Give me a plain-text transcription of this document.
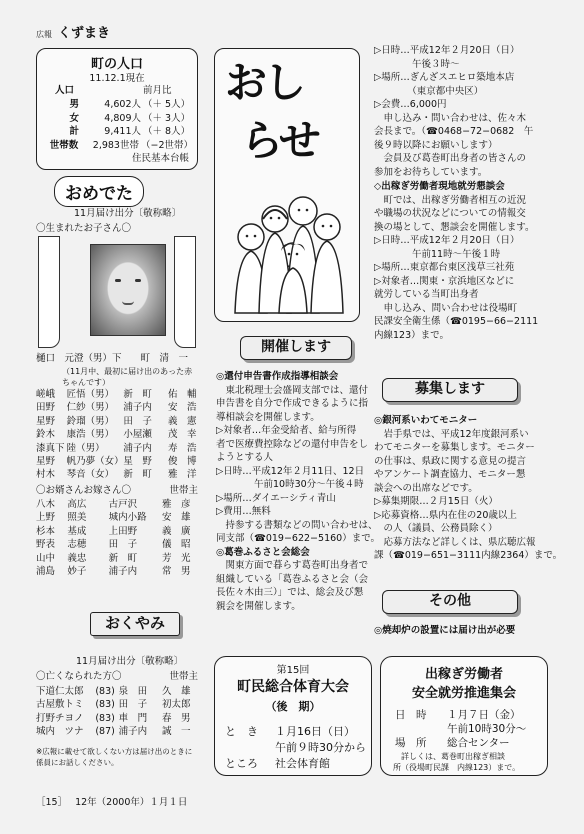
広報 くずまき
町の人口
11.12.1現在
人口	前月比
男	4,602人 （＋ 5人）
女	4,809人 （＋ 3人）
計	9,411人 （＋ 8人）
世帯数	2,983世帯 （−2世帯）
住民基本台帳
おめでた
11月届け出分〔敬称略〕
〇生まれたお子さん〇
樋口　元澄（男）下　　町　清　一
（11月中、最初に届け出のあった赤ちゃんです）
嵯峨	匠悟（男） 新　町	佑　輔
田野	仁紗（男） 浦子内	安　浩
星野	鈴瑠（男） 田　子	義　憲
鈴木	康浩（男） 小屋瀬	茂　幸
漆真下 陸（男）	浦子内	寿　浩
星野	帆乃夢（女） 星　野	俊　博
村木	琴音（女） 新　町	雅　洋
〇お婿さんお嫁さん〇	世帯主
八木	高広	古戸沢	雅　彦
上野	照美	城内小路	安　雄
杉本	基成	上田野	義　廣
野表	志穂	田　子	儀　昭
山中	義忠	新　町	芳　光
浦島	妙子	浦子内	常　男
おくやみ
11月届け出分〔敬称略〕
〇亡くなられた方〇	世帯主
下道仁太郎	(83) 泉　田	久　雄
古屋敷トミ	(83) 田　子	初太郎
打野チヨノ	(83) 車　門	春　男
城内　ツナ	(87) 浦子内	誠　一
※広報に載せて欲しくない方は届け出のときに係員にお話しください。
おし
らせ
開催します
◎還付申告書作成指導相談会
　東北税理士会盛岡支部では、還付
申告書を自分で作成できるように指
導相談会を開催します。
▷対象者…年金受給者、給与所得
者で医療費控除などの還付申告をし
ようとする人
▷日時…平成12年２月11日、12日
　　　　午前10時30分〜午後４時
▷場所…ダイエーシティ青山
▷費用…無料
　持参する書類などの問い合わせは、
同支部（☎019−622−5160）まで。
◎葛巻ふるさと会総会
　関東方面で暮らす葛巻町出身者で
組織している「葛巻ふるさと会（会
長佐々木由三）」では、総会及び懇
親会を開催します。
▷日時…平成12年２月20日（日）
　　　　午後３時〜
▷場所…ぎんざスエヒロ築地本店
　　　　（東京都中央区）
▷会費…6,000円
　申し込み・問い合わせは、佐々木
会長まで。（☎0468−72−0682　午
後９時以降にお願いします）
　会員及び葛巻町出身者の皆さんの
参加をお待ちしています。
◇出稼ぎ労働者現地就労懇談会
　町では、出稼ぎ労働者相互の近況
や職場の状況などについての情報交
換の場として、懇談会を開催します。
▷日時…平成12年２月20日（日）
　　　　午前11時〜午後１時
▷場所…東京都台東区浅草三社苑
▷対象者…関東・京浜地区などに
就労している当町出身者
　申し込み、問い合わせは役場町
民課安全衛生係（☎0195−66−2111
内線123）まで。
募集します
◎銀河系いわてモニター
　岩手県では、平成12年度銀河系い
わてモニターを募集します。モニター
の仕事は、県政に関する意見の提言
やアンケート調査協力、モニター懇
談会への出席などです。
▷募集期限…２月15日（火）
▷応募資格…県内在住の20歳以上
　の人（議員、公務員除く）
　応募方法など詳しくは、県広聴広報
課（☎019−651−3111内線2364）まで。
その他
◎焼却炉の設置には届け出が必要
第15回
町民総合体育大会
（後　期）
と　き １月16日（日）
午前９時30分から
ところ 社会体育館
出稼ぎ労働者
安全就労推進集会
日　時 １月７日（金）
午前10時30分〜
場　所 総合センター
　詳しくは、葛巻町出稼ぎ相談
所（役場町民課　内線123）まで。
［15］ 12年（2000年）１月１日
